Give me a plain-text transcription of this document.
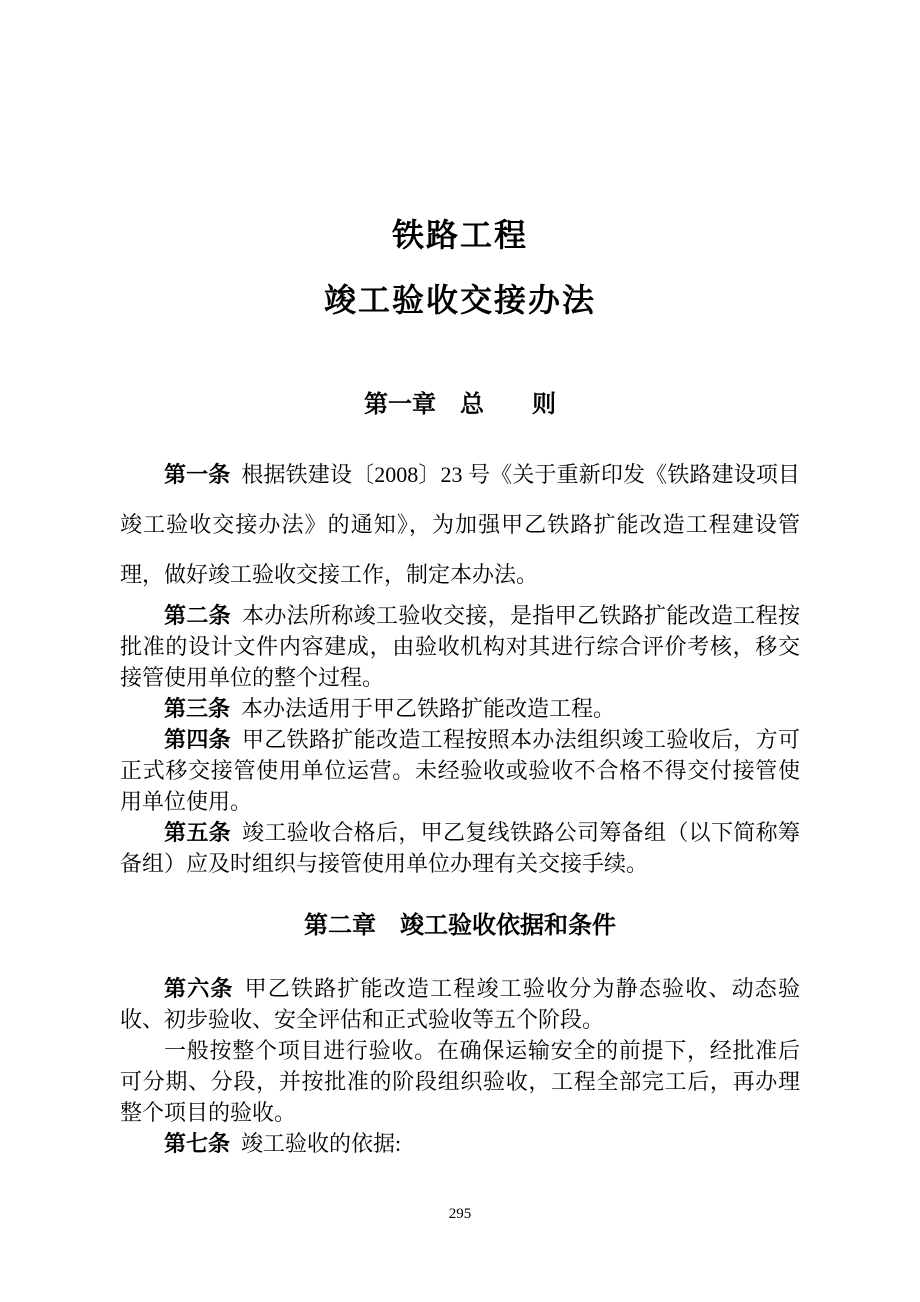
铁路工程
竣工验收交接办法
第一章　总　　则

第一条 根据铁建设〔2008〕23 号《关于重新印发《铁路建设项目竣工验收交接办法》的通知》，为加强甲乙铁路扩能改造工程建设管理，做好竣工验收交接工作，制定本办法。

第二条 本办法所称竣工验收交接，是指甲乙铁路扩能改造工程按批准的设计文件内容建成，由验收机构对其进行综合评价考核，移交接管使用单位的整个过程。

第三条 本办法适用于甲乙铁路扩能改造工程。

第四条 甲乙铁路扩能改造工程按照本办法组织竣工验收后，方可正式移交接管使用单位运营。未经验收或验收不合格不得交付接管使用单位使用。

第五条 竣工验收合格后，甲乙复线铁路公司筹备组（以下简称筹备组）应及时组织与接管使用单位办理有关交接手续。

第二章　竣工验收依据和条件

第六条 甲乙铁路扩能改造工程竣工验收分为静态验收、动态验收、初步验收、安全评估和正式验收等五个阶段。

一般按整个项目进行验收。在确保运输安全的前提下，经批准后可分期、分段，并按批准的阶段组织验收，工程全部完工后，再办理整个项目的验收。

第七条 竣工验收的依据:

295
